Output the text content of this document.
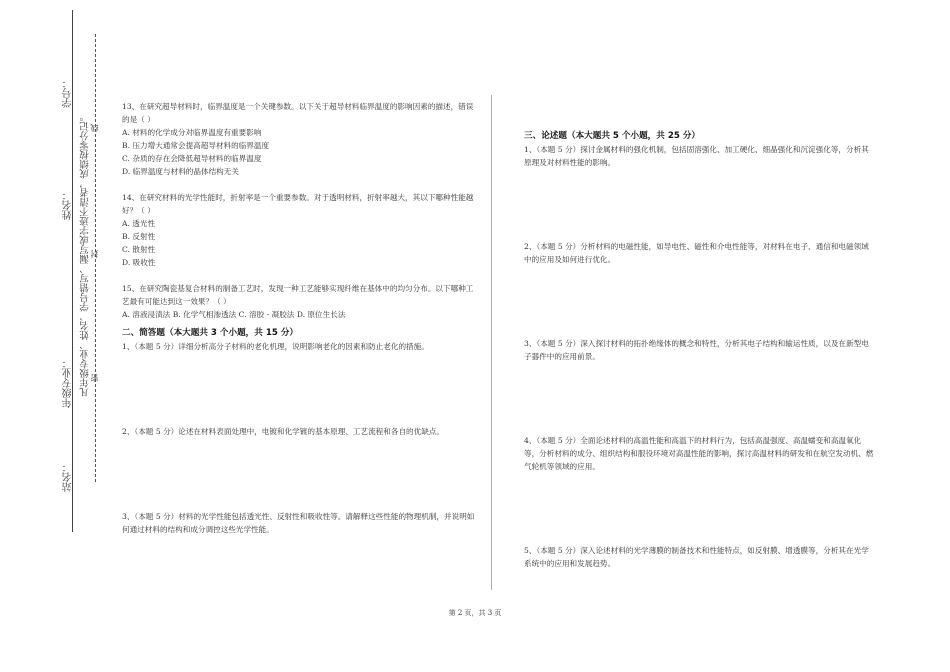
学号：
姓名：
年级专业：
站名：
凡年级专业、姓名、学号错写、漏写或字迹不清者，成绩按零分记。 线
封
密

13、在研究超导材料时，临界温度是一个关键参数。以下关于超导材料临界温度的影响因素的描述，错误的是（ ）

A. 材料的化学成分对临界温度有重要影响

B. 压力增大通常会提高超导材料的临界温度

C. 杂质的存在会降低超导材料的临界温度

D. 临界温度与材料的晶体结构无关

14、在研究材料的光学性能时，折射率是一个重要参数。对于透明材料，折射率越大，其以下哪种性能越好？（ ）

A. 透光性

B. 反射性

C. 散射性

D. 吸收性

15、在研究陶瓷基复合材料的制备工艺时，发现一种工艺能够实现纤维在基体中的均匀分布。以下哪种工艺最有可能达到这一效果？（ ）

A. 溶液浸渍法 B. 化学气相渗透法 C. 溶胶 - 凝胶法 D. 原位生长法

二、简答题（本大题共 3 个小题，共 15 分）

1、（本题 5 分）详细分析高分子材料的老化机理，说明影响老化的因素和防止老化的措施。

2、（本题 5 分）论述在材料表面处理中，电镀和化学镀的基本原理、工艺流程和各自的优缺点。

3、（本题 5 分）材料的光学性能包括透光性、反射性和吸收性等。请解释这些性能的物理机制，并说明如何通过材料的结构和成分调控这些光学性能。

三、论述题（本大题共 5 个小题，共 25 分）

1、（本题 5 分）探讨金属材料的强化机制，包括固溶强化、加工硬化、细晶强化和沉淀强化等，分析其原理及对材料性能的影响。

2、（本题 5 分）分析材料的电磁性能，如导电性、磁性和介电性能等，对材料在电子、通信和电磁领域中的应用及如何进行优化。

3、（本题 5 分）深入探讨材料的拓扑绝缘体的概念和特性，分析其电子结构和输运性质，以及在新型电子器件中的应用前景。

4、（本题 5 分）全面论述材料的高温性能和高温下的材料行为，包括高温强度、高温蠕变和高温氧化等，分析材料的成分、组织结构和服役环境对高温性能的影响，探讨高温材料的研发和在航空发动机、燃气轮机等领域的应用。

5、（本题 5 分）深入论述材料的光学薄膜的制备技术和性能特点，如反射膜、增透膜等，分析其在光学系统中的应用和发展趋势。

第 2 页，共 3 页
